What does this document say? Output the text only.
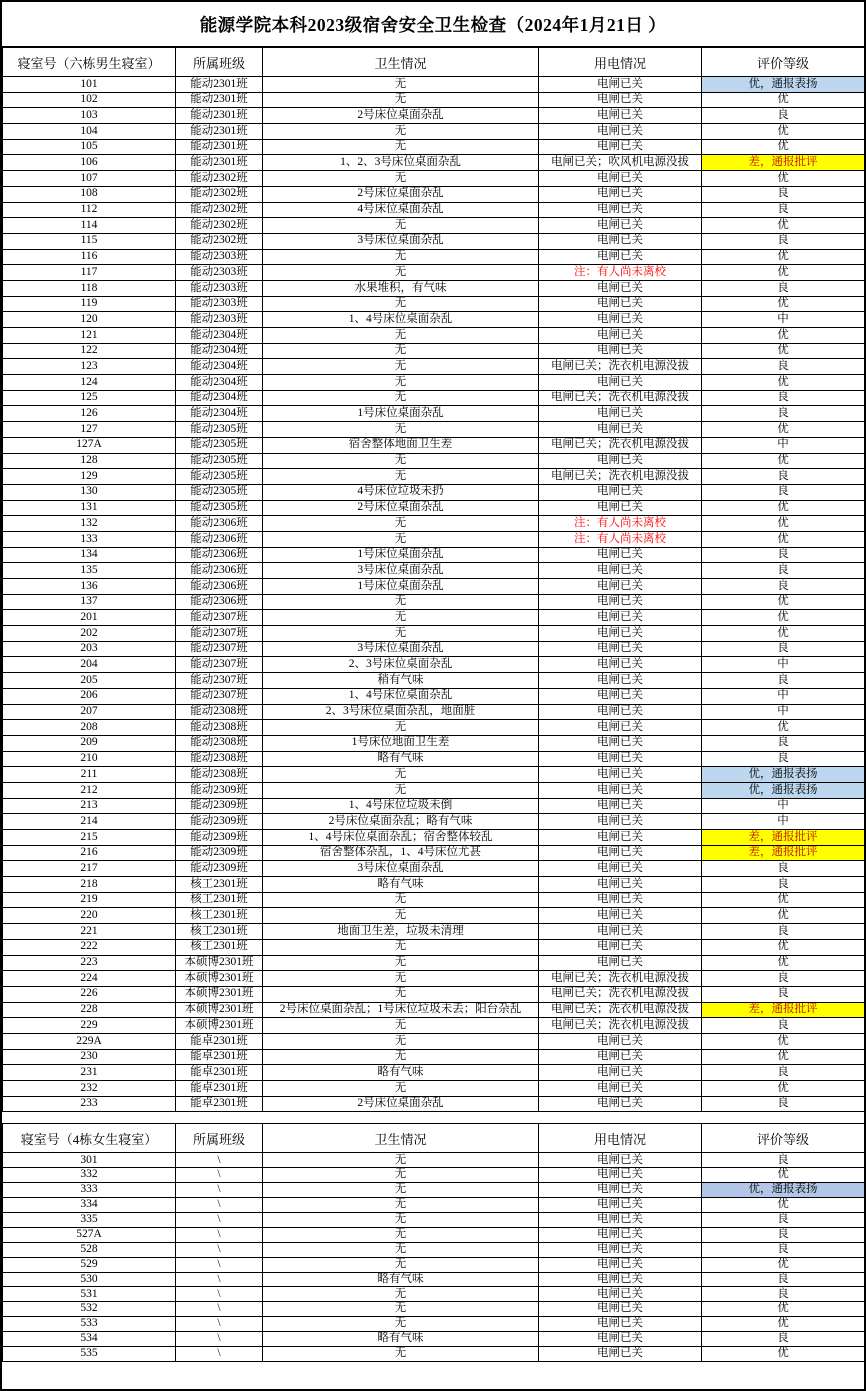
能源学院本科2023级宿舍安全卫生检查（2024年1月21日 ）
寝室号（六栋男生寝室）	所属班级	卫生情况	用电情况	评价等级
101	能动2301班	无	电闸已关	优，通报表扬
102	能动2301班	无	电闸已关	优
103	能动2301班	2号床位桌面杂乱	电闸已关	良
104	能动2301班	无	电闸已关	优
105	能动2301班	无	电闸已关	优
106	能动2301班	1、2、3号床位桌面杂乱	电闸已关；吹风机电源没拔	差，通报批评
107	能动2302班	无	电闸已关	优
108	能动2302班	2号床位桌面杂乱	电闸已关	良
112	能动2302班	4号床位桌面杂乱	电闸已关	良
114	能动2302班	无	电闸已关	优
115	能动2302班	3号床位桌面杂乱	电闸已关	良
116	能动2303班	无	电闸已关	优
117	能动2303班	无	注：有人尚未离校	优
118	能动2303班	水果堆积，有气味	电闸已关	良
119	能动2303班	无	电闸已关	优
120	能动2303班	1、4号床位桌面杂乱	电闸已关	中
121	能动2304班	无	电闸已关	优
122	能动2304班	无	电闸已关	优
123	能动2304班	无	电闸已关；洗衣机电源没拔	良
124	能动2304班	无	电闸已关	优
125	能动2304班	无	电闸已关；洗衣机电源没拔	良
126	能动2304班	1号床位桌面杂乱	电闸已关	良
127	能动2305班	无	电闸已关	优
127A	能动2305班	宿舍整体地面卫生差	电闸已关；洗衣机电源没拔	中
128	能动2305班	无	电闸已关	优
129	能动2305班	无	电闸已关；洗衣机电源没拔	良
130	能动2305班	4号床位垃圾未扔	电闸已关	良
131	能动2305班	2号床位桌面杂乱	电闸已关	优
132	能动2306班	无	注：有人尚未离校	优
133	能动2306班	无	注：有人尚未离校	优
134	能动2306班	1号床位桌面杂乱	电闸已关	良
135	能动2306班	3号床位桌面杂乱	电闸已关	良
136	能动2306班	1号床位桌面杂乱	电闸已关	良
137	能动2306班	无	电闸已关	优
201	能动2307班	无	电闸已关	优
202	能动2307班	无	电闸已关	优
203	能动2307班	3号床位桌面杂乱	电闸已关	良
204	能动2307班	2、3号床位桌面杂乱	电闸已关	中
205	能动2307班	稍有气味	电闸已关	良
206	能动2307班	1、4号床位桌面杂乱	电闸已关	中
207	能动2308班	2、3号床位桌面杂乱，地面脏	电闸已关	中
208	能动2308班	无	电闸已关	优
209	能动2308班	1号床位地面卫生差	电闸已关	良
210	能动2308班	略有气味	电闸已关	良
211	能动2308班	无	电闸已关	优，通报表扬
212	能动2309班	无	电闸已关	优，通报表扬
213	能动2309班	1、4号床位垃圾未倒	电闸已关	中
214	能动2309班	2号床位桌面杂乱；略有气味	电闸已关	中
215	能动2309班	1、4号床位桌面杂乱；宿舍整体较乱	电闸已关	差，通报批评
216	能动2309班	宿舍整体杂乱，1、4号床位尤甚	电闸已关	差，通报批评
217	能动2309班	3号床位桌面杂乱	电闸已关	良
218	核工2301班	略有气味	电闸已关	良
219	核工2301班	无	电闸已关	优
220	核工2301班	无	电闸已关	优
221	核工2301班	地面卫生差，垃圾未清理	电闸已关	良
222	核工2301班	无	电闸已关	优
223	本硕博2301班	无	电闸已关	优
224	本硕博2301班	无	电闸已关；洗衣机电源没拔	良
226	本硕博2301班	无	电闸已关；洗衣机电源没拔	良
228	本硕博2301班	2号床位桌面杂乱；1号床位垃圾未丢；阳台杂乱	电闸已关；洗衣机电源没拔	差，通报批评
229	本硕博2301班	无	电闸已关；洗衣机电源没拔	良
229A	能卓2301班	无	电闸已关	优
230	能卓2301班	无	电闸已关	优
231	能卓2301班	略有气味	电闸已关	良
232	能卓2301班	无	电闸已关	优
233	能卓2301班	2号床位桌面杂乱	电闸已关	良
寝室号（4栋女生寝室）	所属班级	卫生情况	用电情况	评价等级
301	\	无	电闸已关	良
332	\	无	电闸已关	优
333	\	无	电闸已关	优，通报表扬
334	\	无	电闸已关	优
335	\	无	电闸已关	良
527A	\	无	电闸已关	良
528	\	无	电闸已关	良
529	\	无	电闸已关	优
530	\	略有气味	电闸已关	良
531	\	无	电闸已关	良
532	\	无	电闸已关	优
533	\	无	电闸已关	优
534	\	略有气味	电闸已关	良
535	\	无	电闸已关	优
